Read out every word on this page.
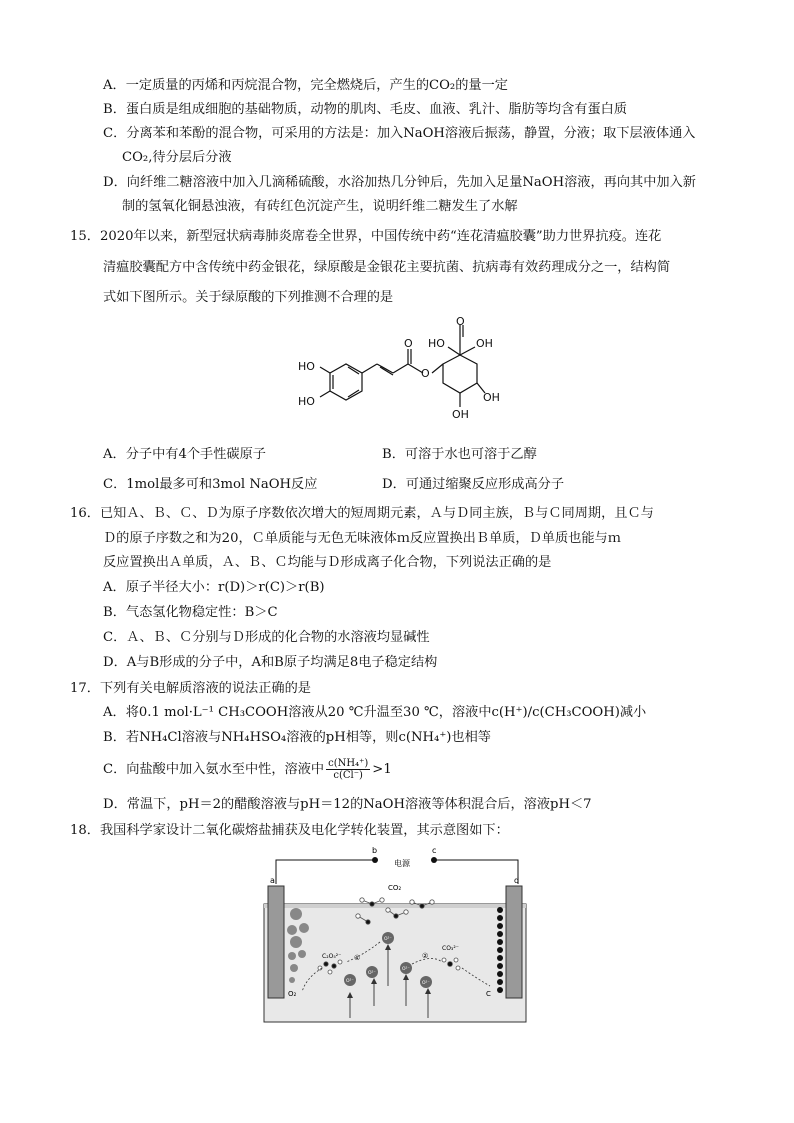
A．一定质量的丙烯和丙烷混合物，完全燃烧后，产生的CO₂的量一定
B．蛋白质是组成细胞的基础物质，动物的肌肉、毛皮、血液、乳汁、脂肪等均含有蛋白质
C．分离苯和苯酚的混合物，可采用的方法是：加入NaOH溶液后振荡，静置，分液；取下层液体通入
CO₂,待分层后分液
D．向纤维二糖溶液中加入几滴稀硫酸，水浴加热几分钟后，先加入足量NaOH溶液，再向其中加入新
制的氢氧化铜悬浊液，有砖红色沉淀产生，说明纤维二糖发生了水解
15．2020年以来，新型冠状病毒肺炎席卷全世界，中国传统中药“连花清瘟胶囊”助力世界抗疫。连花
清瘟胶囊配方中含传统中药金银花，绿原酸是金银花主要抗菌、抗病毒有效药理成分之一，结构简
式如下图所示。关于绿原酸的下列推测不合理的是
HO
HO
O
O
HO	OH
O
OH
OH
A．分子中有4个手性碳原子	B．可溶于水也可溶于乙醇
C．1mol最多可和3mol NaOH反应	D．可通过缩聚反应形成高分子
16．已知Ａ、Ｂ、Ｃ、Ｄ为原子序数依次增大的短周期元素，Ａ与Ｄ同主族，Ｂ与Ｃ同周期，且Ｃ与
Ｄ的原子序数之和为20，Ｃ单质能与无色无味液体ｍ反应置换出Ｂ单质，Ｄ单质也能与ｍ
反应置换出Ａ单质，Ａ、Ｂ、Ｃ均能与Ｄ形成离子化合物，下列说法正确的是
A．原子半径大小：r(D)＞r(C)＞r(B)
B．气态氢化物稳定性：B＞C
C．Ａ、Ｂ、Ｃ分别与Ｄ形成的化合物的水溶液均显碱性
D．A与B形成的分子中，A和B原子均满足8电子稳定结构
17．下列有关电解质溶液的说法正确的是
A．将0.1 mol·L⁻¹ CH₃COOH溶液从20 ℃升温至30 ℃，溶液中c(H⁺)/c(CH₃COOH)减小
B．若NH₄Cl溶液与NH₄HSO₄溶液的pH相等，则c(NH₄⁺)也相等
C．向盐酸中加入氨水至中性，溶液中 $\frac{\text{c(NH₄⁺)}}{c(Cl^-)} >1$
D．常温下，pH＝2的醋酸溶液与pH＝12的NaOH溶液等体积混合后，溶液pH＜7
18．我国科学家设计二氧化碳熔盐捕获及电化学转化装置，其示意图如下：
b	c
电源
a	d
O₂	C
CO₂
O²⁻
O²⁻
O²⁻
O²⁻
O²⁻
C₂O₅²⁻
CO₃²⁻
①	②
